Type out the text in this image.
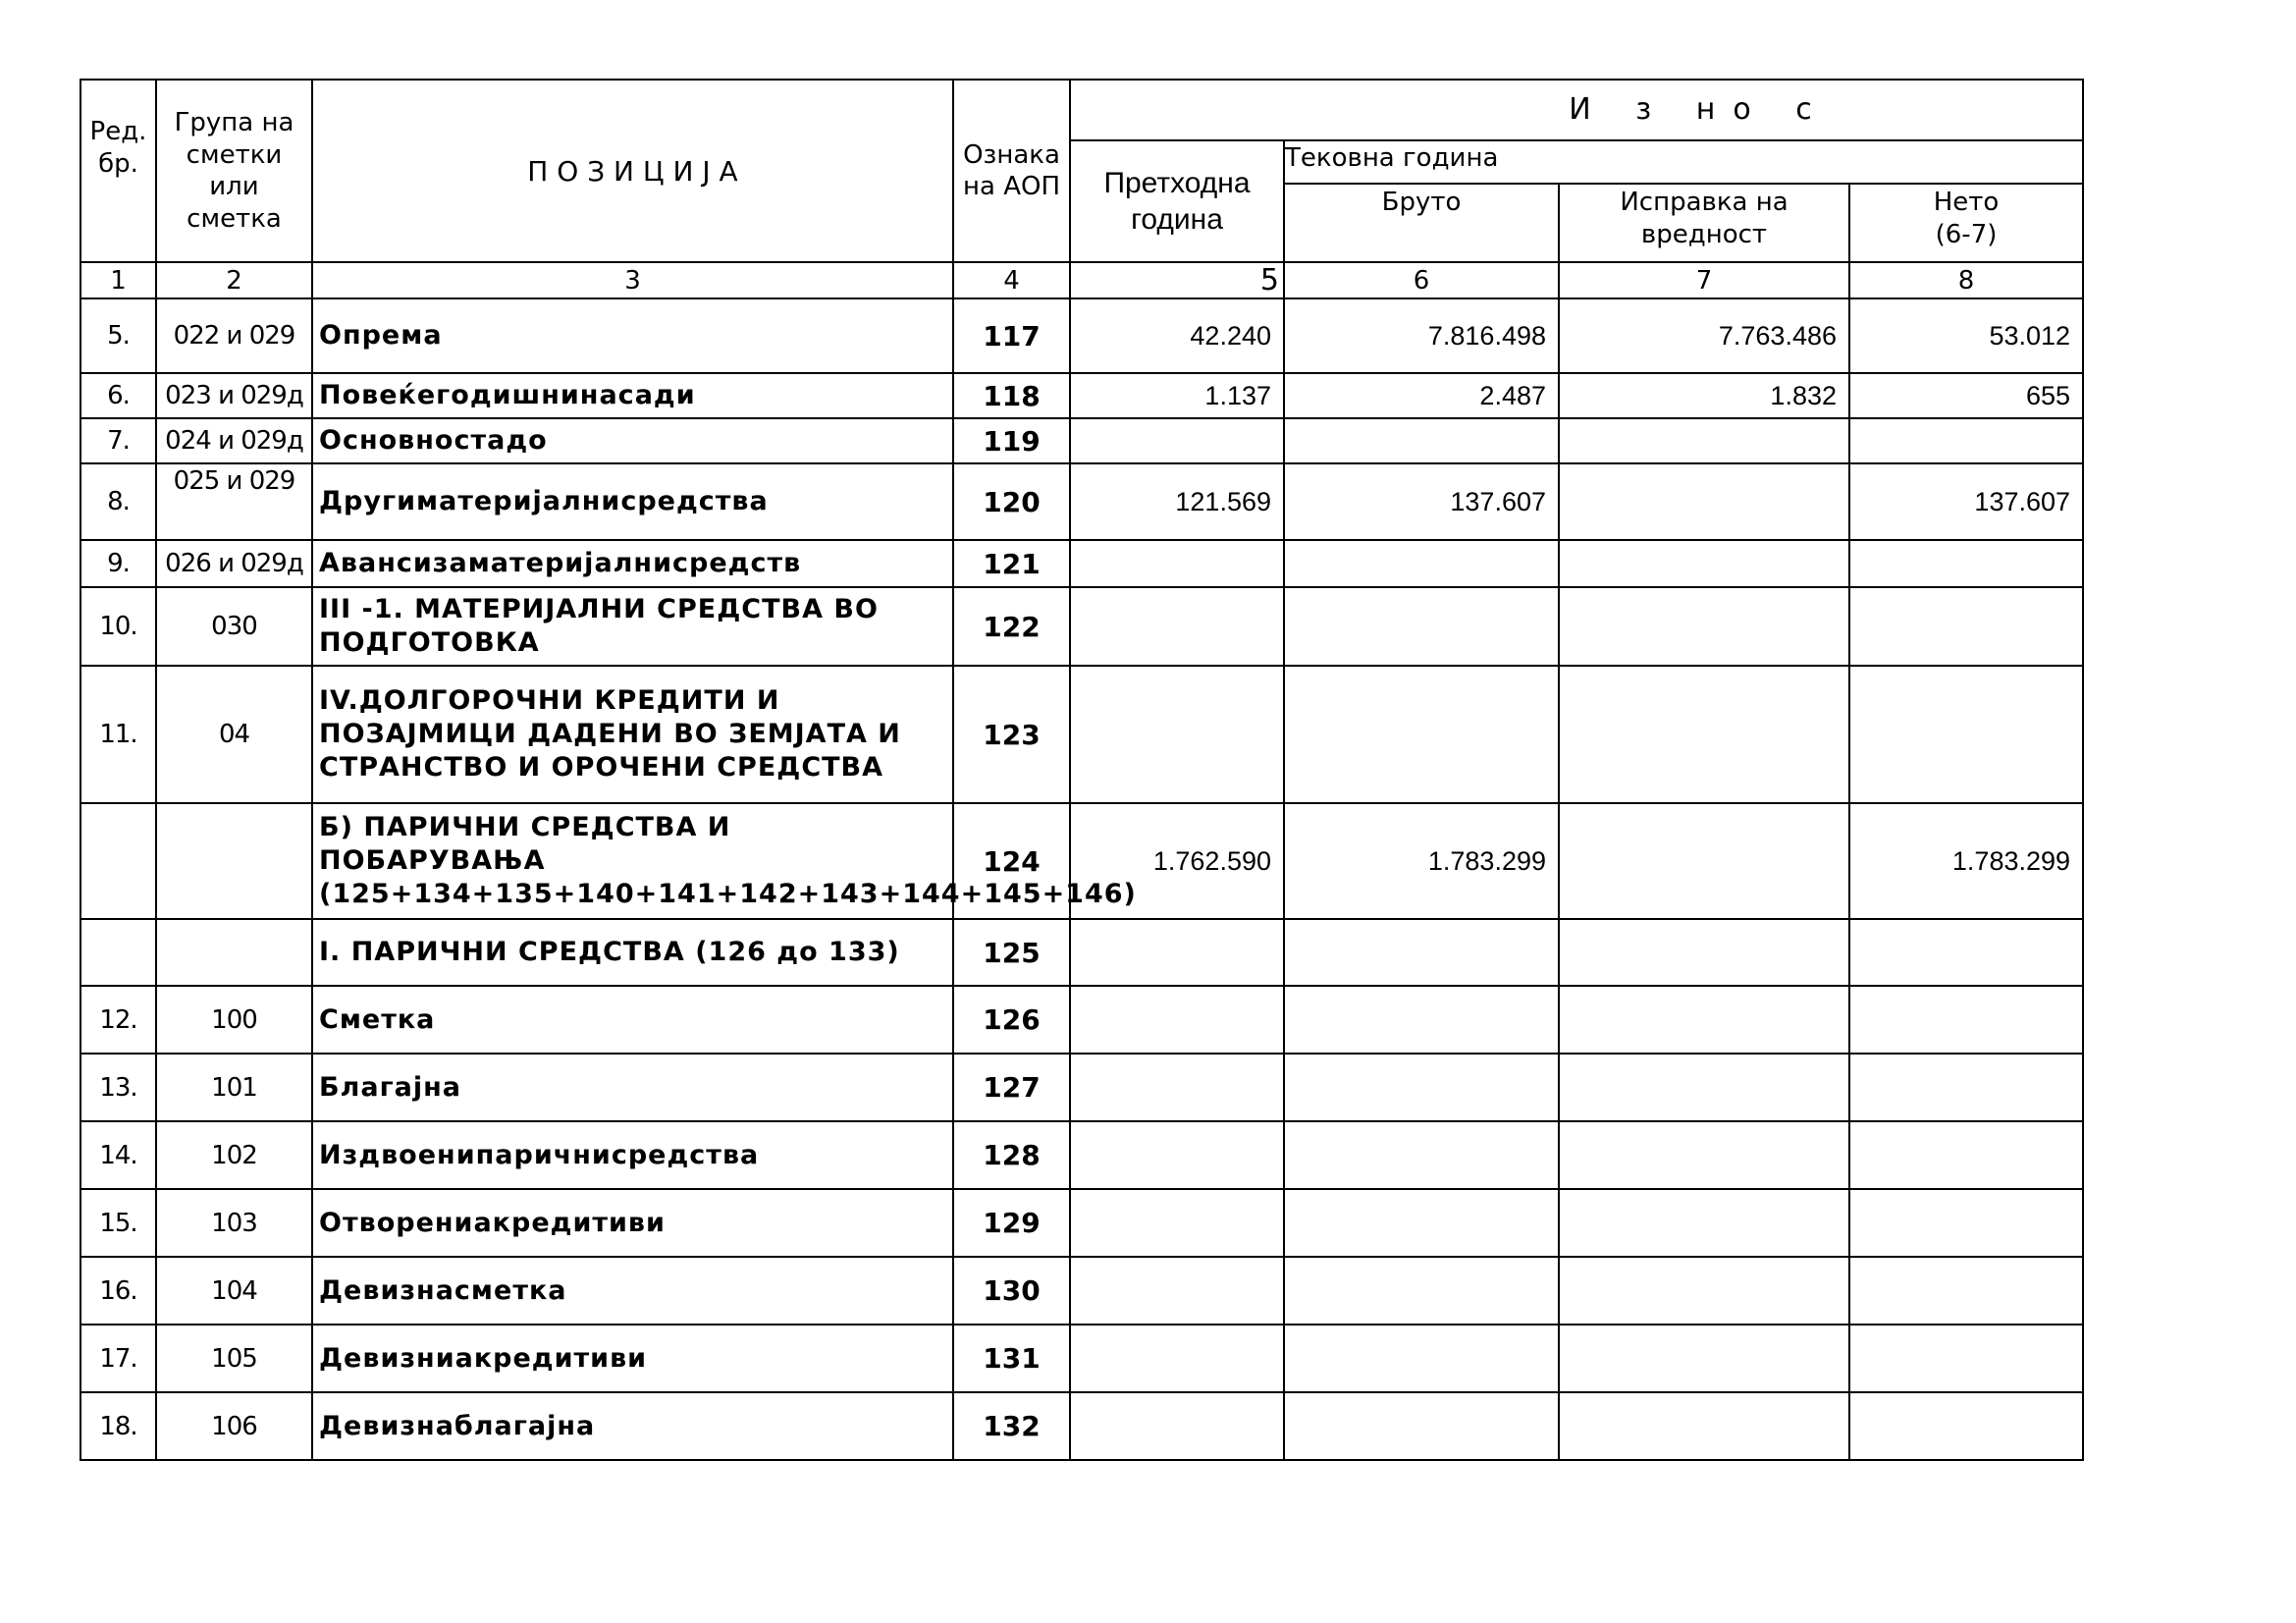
Ред. бр.	Група на сметки или сметка	П О З И Ц И Ј А	Ознака на АОП	И з но с			

				Претходна година	Тековна година		
					Бруто	Исправка на вредност	Нето
(6-7)

1	2	3	4	5	6	7	8

5.	022 и 029	Опрема	117	42.240	7.816.498	7.763.486	53.012

6.	023 и 029д	Повеќегодишнинасади	118	1.137	2.487	1.832	655

7.	024 и 029д	Основностадо	119				

8.	025 и 029	Другиматеријалнисредства	120	121.569	137.607		137.607

9.	026 и 029д	Авансизаматеријалнисредств	121				

10.	030	III -1. МАТЕРИЈАЛНИ СРЕДСТВА ВО ПОДГОТОВКА	122				

11.	04	IV.ДОЛГОРОЧНИ КРЕДИТИ И ПОЗАЈМИЦИ ДАДЕНИ ВО ЗЕМЈАТА И СТРАНСТВО И ОРОЧЕНИ СРЕДСТВА	123				

		Б) ПАРИЧНИ СРЕДСТВА И ПОБАРУВАЊА (125+134+135+140+141+142+143+144+145+146)	124	1.762.590	1.783.299		1.783.299

		I. ПАРИЧНИ СРЕДСТВА (126 до 133)	125				

12.	100	Сметка	126				

13.	101	Благајна	127				

14.	102	Издвоенипаричнисредства	128				

15.	103	Отворениакредитиви	129				

16.	104	Девизнасметка	130				

17.	105	Девизниакредитиви	131				

18.	106	Девизнаблагајна	132				
